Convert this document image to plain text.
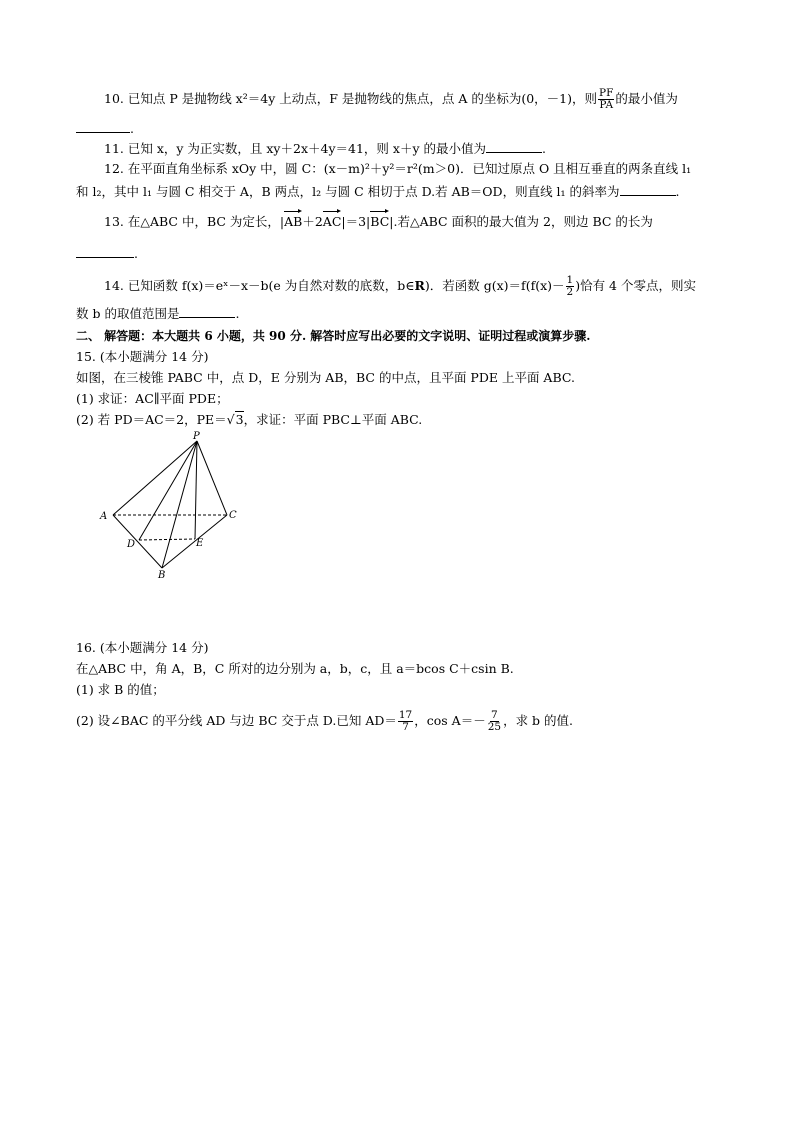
10. 已知点 P 是抛物线 x²＝4y 上动点，F 是抛物线的焦点，点 A 的坐标为(0，－1)，则 $\frac{PF}{PA}$ 的最小值为
.
11. 已知 x，y 为正实数，且 xy＋2x＋4y＝41，则 x＋y 的最小值为	.
12. 在平面直角坐标系 xOy 中，圆 C：(x－m)²＋y²＝r²(m＞0)．已知过原点 O 且相互垂直的两条直线 l₁
和 l₂，其中 l₁ 与圆 C 相交于 A，B 两点，l₂ 与圆 C 相切于点 D.若 AB＝OD，则直线 l₁ 的斜率为	.
13. 在△ABC 中，BC 为定长，|AB＋2AC|＝3|BC|.若△ABC 面积的最大值为 2，则边 BC 的长为
.
14. 已知函数 f(x)＝eˣ－x－b(e 为自然对数的底数，b∈R)．若函数 $g(x)=f(f(x)- \frac{1}{2}$ )恰有 4 个零点，则实
数 b 的取值范围是	.
二、 解答题：本大题共 6 小题，共 90 分. 解答时应写出必要的文字说明、证明过程或演算步骤.
15. (本小题满分 14 分)
如图，在三棱锥 PABC 中，点 D，E 分别为 AB，BC 的中点，且平面 PDE 上平面 ABC.
(1) 求证：AC∥平面 PDE；
(2) 若 PD＝AC＝2，PE＝√3，求证：平面 PBC⊥平面 ABC.
P
A	C
D	E
B
16. (本小题满分 14 分)
在△ABC 中，角 A，B，C 所对的边分别为 a，b，c，且 a＝bcos C＋csin B.
(1) 求 B 的值；
(2) 设∠BAC 的平分线 AD 与边 BC 交于点 D.已知 $AD= \frac{17}{7}$ ，$\cos A=- \frac{7}{25}$ ，求 b 的值.
